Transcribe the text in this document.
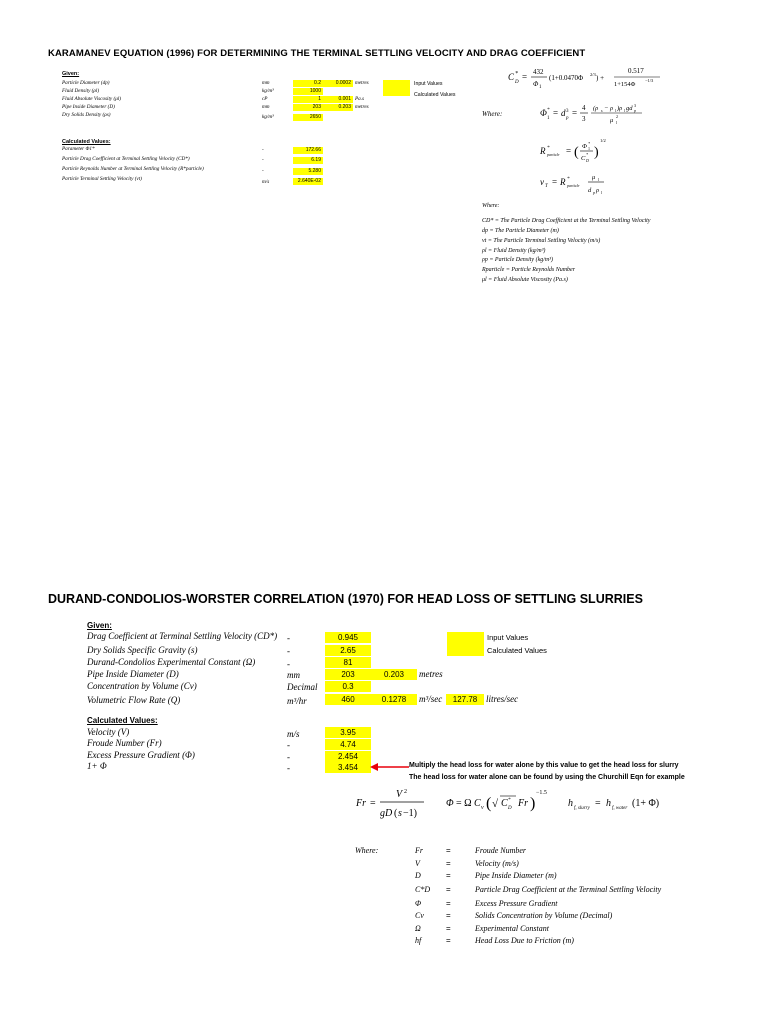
KARAMANEV EQUATION (1996) FOR DETERMINING THE TERMINAL SETTLING VELOCITY AND DRAG COEFFICIENT
Given:
Particle Diameter (dp)	mm	0.2	0.0002 metres
Fluid Density (ρl)	kg/m³	1000
Fluid Absolute Viscosity (μl)	cP	1	0.001 Pa.s
Pipe Inside Diameter (D)	mm	203	0.203 metres
Dry Solids Density (ρs)	kg/m³	2650
Input Values
Calculated Values
Calculated Values:
Parameter Φ1*	-	172.66
Particle Drag Coefficient at Terminal Settling Velocity (CD*)	-	6.19
Particle Reynolds Number at Terminal Settling Velocity (R*particle)	-	5.280
Particle Terminal Settling Velocity (vt)	m/s	2.640E-02
C *
D
= 432
Φ 1
(1+0.0470Φ 2/3 ) +
0.517
1+154Φ
−1/3
Where:	Φ
1
* = d
p
3 = 4
3
(ρ s − ρ l )ρ l gd p
3
μ l
2
R particle
* = ( Φ 1
*
C D
* )
1/2
v T = R particle
*	μ l
d p ρ l
Where:
CD* = The Particle Drag Coefficient at the Terminal Settling Velocity
dp = The Particle Diameter (m)
vt = The Particle Terminal Settling Velocity (m/s)
ρl = Fluid Density (kg/m³)
ρp = Particle Density (kg/m³)
Rparticle = Particle Reynolds Number
μl = Fluid Absolute Viscosity (Pa.s)
DURAND-CONDOLIOS-WORSTER CORRELATION (1970) FOR HEAD LOSS OF SETTLING SLURRIES
Given:
Drag Coefficient at Terminal Settling Velocity (CD*) -	0.945
Dry Solids Specific Gravity (s)	-	2.65
Durand-Condolios Experimental Constant (Ω)	-	81
Pipe Inside Diameter (D)	mm	203	0.203	metres
Concentration by Volume (Cv)	Decimal	0.3
Volumetric Flow Rate (Q)	m³/hr	460	0.1278	m³/sec	127.78 litres/sec
Input Values
Calculated Values
Calculated Values:
Velocity (V)	m/s	3.95
Froude Number (Fr)	-	4.74
Excess Pressure Gradient (Φ)	-	2.454
1+ Φ	-	3.454	Multiply the head loss for water alone by this value to get the head loss for slurry
The head loss for water alone can be found by using the Churchill Eqn for example
Fr =
V 2
gD ( s −1)
Φ = Ω C v ( √ C *
D Fr )
−1.5
h f, slurry = h f, water (1+ Φ)
Where:	Fr	=	Froude Number
V	=	Velocity (m/s)
D	=	Pipe Inside Diameter (m)
C*D =	Particle Drag Coefficient at the Terminal Settling Velocity
Φ	=	Excess Pressure Gradient
Cv	=	Solids Concentration by Volume (Decimal)
Ω	=	Experimental Constant
hf	=	Head Loss Due to Friction (m)
